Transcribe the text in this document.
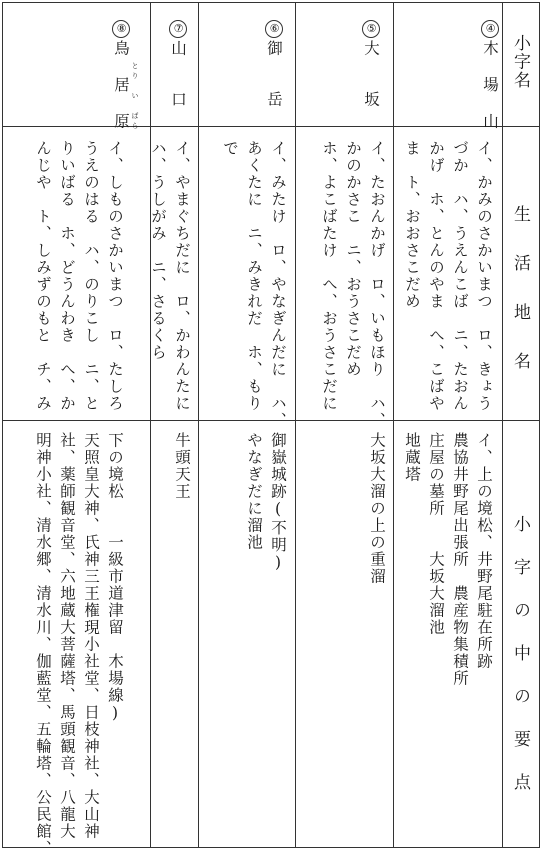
小字名
生 活 地 名
小 字 の 中 の 要 点
④木 場 山
イ、かみのさかいまつ　ロ、きょう
づか　ハ、うえんこば　ニ、たおん
かげ　ホ、とんのやま　へ、こばや
ま　ト、おおさこだめ
イ、上の境松、井野尾駐在所跡
農協井野尾出張所　農産物集積所
庄屋の墓所　　大坂大溜池
地蔵塔
⑤大　　坂
イ、たおんかげ　ロ、いもほり　ハ、
かのかさこ　ニ、おうさこだめ
ホ、よこばたけ　へ、おうさこだに
大坂大溜の上の重溜
⑥御　　岳
イ、みたけ　ロ、やなぎんだに　ハ、
あくたに　ニ、みきれだ　ホ、もり
で
御嶽城跡(不明)
やなぎだに溜池
⑦山　　口
イ、やまぐちだに　ロ、かわんたに
ハ、うしがみ　ニ、さるくら
牛頭天王
⑧鳥 居 原 とり　い　ばら
イ、しものさかいまつ　ロ、たしろ
うえのはる　ハ、のりこし　ニ、と
りいばる　ホ、どうんわき　へ、か
んじや　ト、しみずのもと　チ、み
下の境松　　一級市道津留　木場線)
天照皇大神、氏神三王権現小社堂、日枝神社、大山神
社、薬師観音堂、六地蔵大菩薩塔、馬頭観音、八龍大
明神小社、清水郷、清水川、伽藍堂、五輪塔、公民館、
